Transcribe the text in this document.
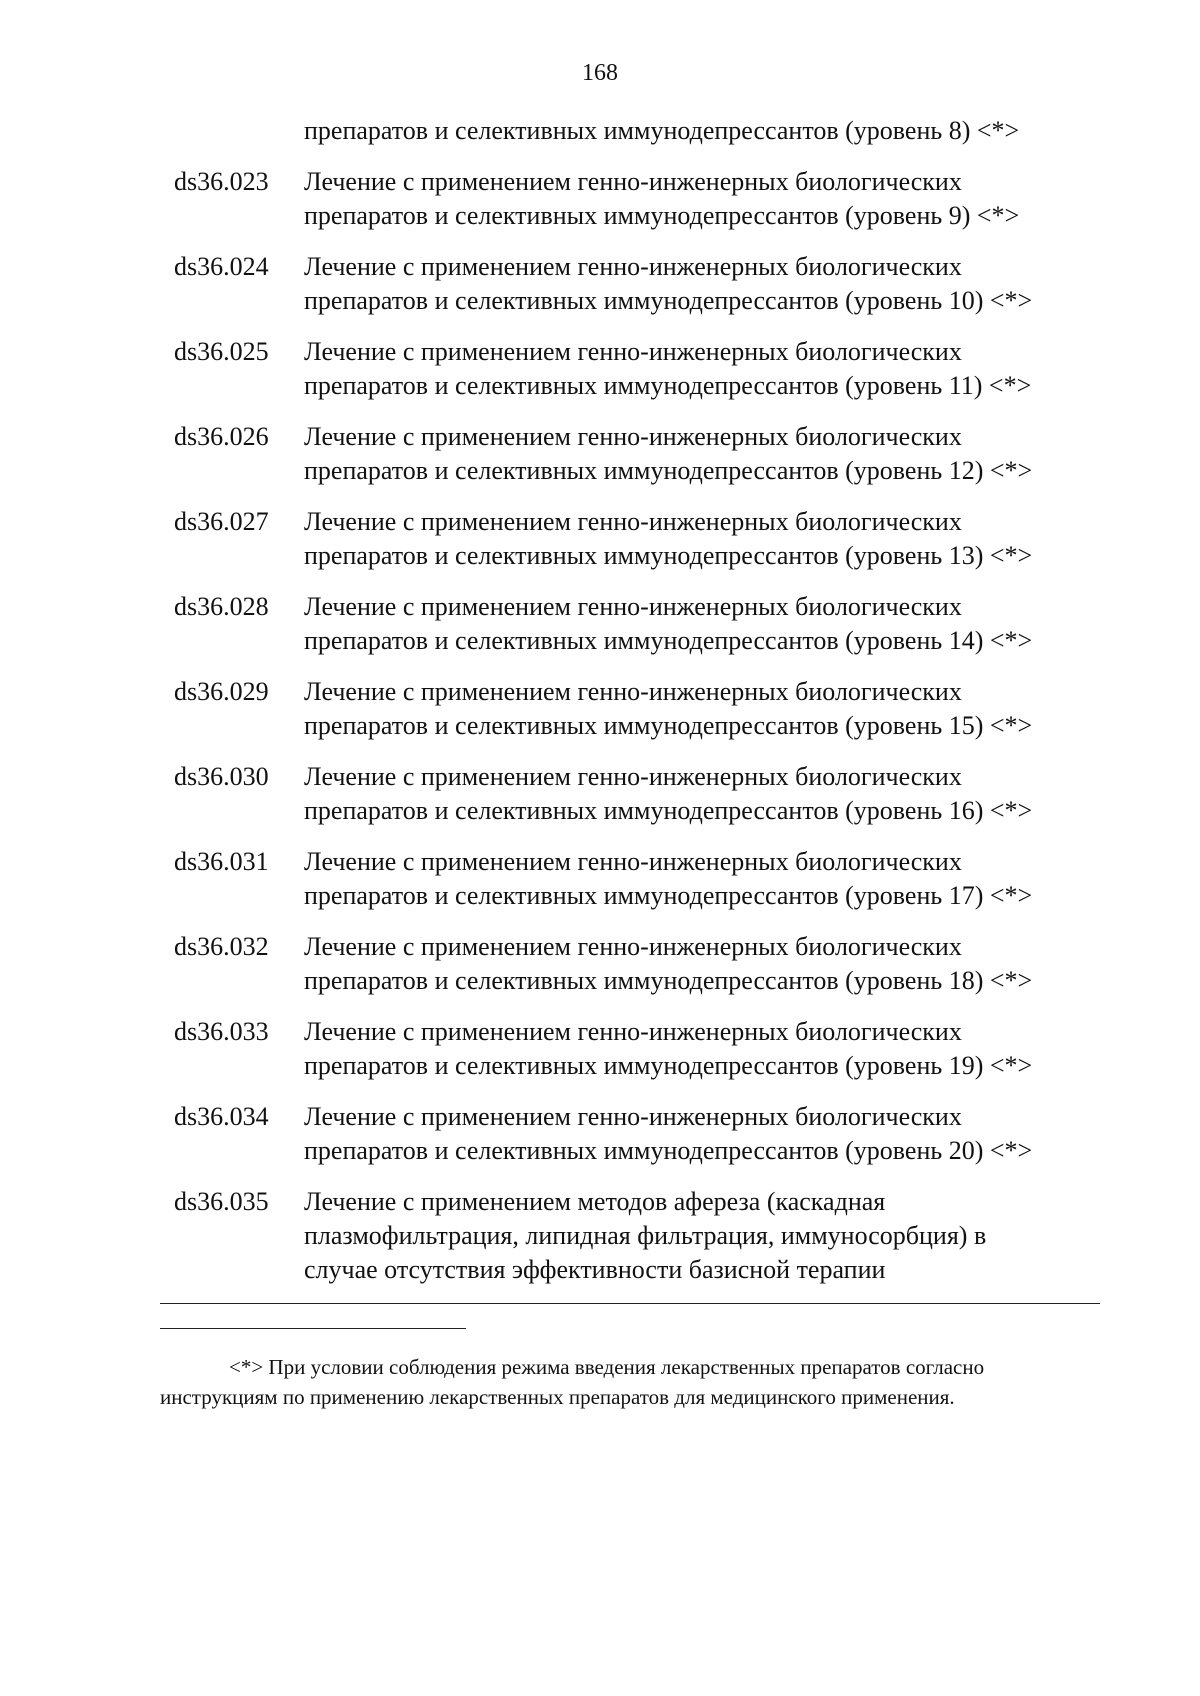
168
препаратов и селективных иммунодепрессантов (уровень 8) <*>
ds36.023	Лечение с применением генно-инженерных биологических
препаратов и селективных иммунодепрессантов (уровень 9) <*>
ds36.024	Лечение с применением генно-инженерных биологических
препаратов и селективных иммунодепрессантов (уровень 10) <*>
ds36.025	Лечение с применением генно-инженерных биологических
препаратов и селективных иммунодепрессантов (уровень 11) <*>
ds36.026	Лечение с применением генно-инженерных биологических
препаратов и селективных иммунодепрессантов (уровень 12) <*>
ds36.027	Лечение с применением генно-инженерных биологических
препаратов и селективных иммунодепрессантов (уровень 13) <*>
ds36.028	Лечение с применением генно-инженерных биологических
препаратов и селективных иммунодепрессантов (уровень 14) <*>
ds36.029	Лечение с применением генно-инженерных биологических
препаратов и селективных иммунодепрессантов (уровень 15) <*>
ds36.030	Лечение с применением генно-инженерных биологических
препаратов и селективных иммунодепрессантов (уровень 16) <*>
ds36.031	Лечение с применением генно-инженерных биологических
препаратов и селективных иммунодепрессантов (уровень 17) <*>
ds36.032	Лечение с применением генно-инженерных биологических
препаратов и селективных иммунодепрессантов (уровень 18) <*>
ds36.033	Лечение с применением генно-инженерных биологических
препаратов и селективных иммунодепрессантов (уровень 19) <*>
ds36.034	Лечение с применением генно-инженерных биологических
препаратов и селективных иммунодепрессантов (уровень 20) <*>
ds36.035	Лечение с применением методов афереза (каскадная
плазмофильтрация, липидная фильтрация, иммуносорбция) в
случае отсутствия эффективности базисной терапии
<*> При условии соблюдения режима введения лекарственных препаратов согласно
инструкциям по применению лекарственных препаратов для медицинского применения.
